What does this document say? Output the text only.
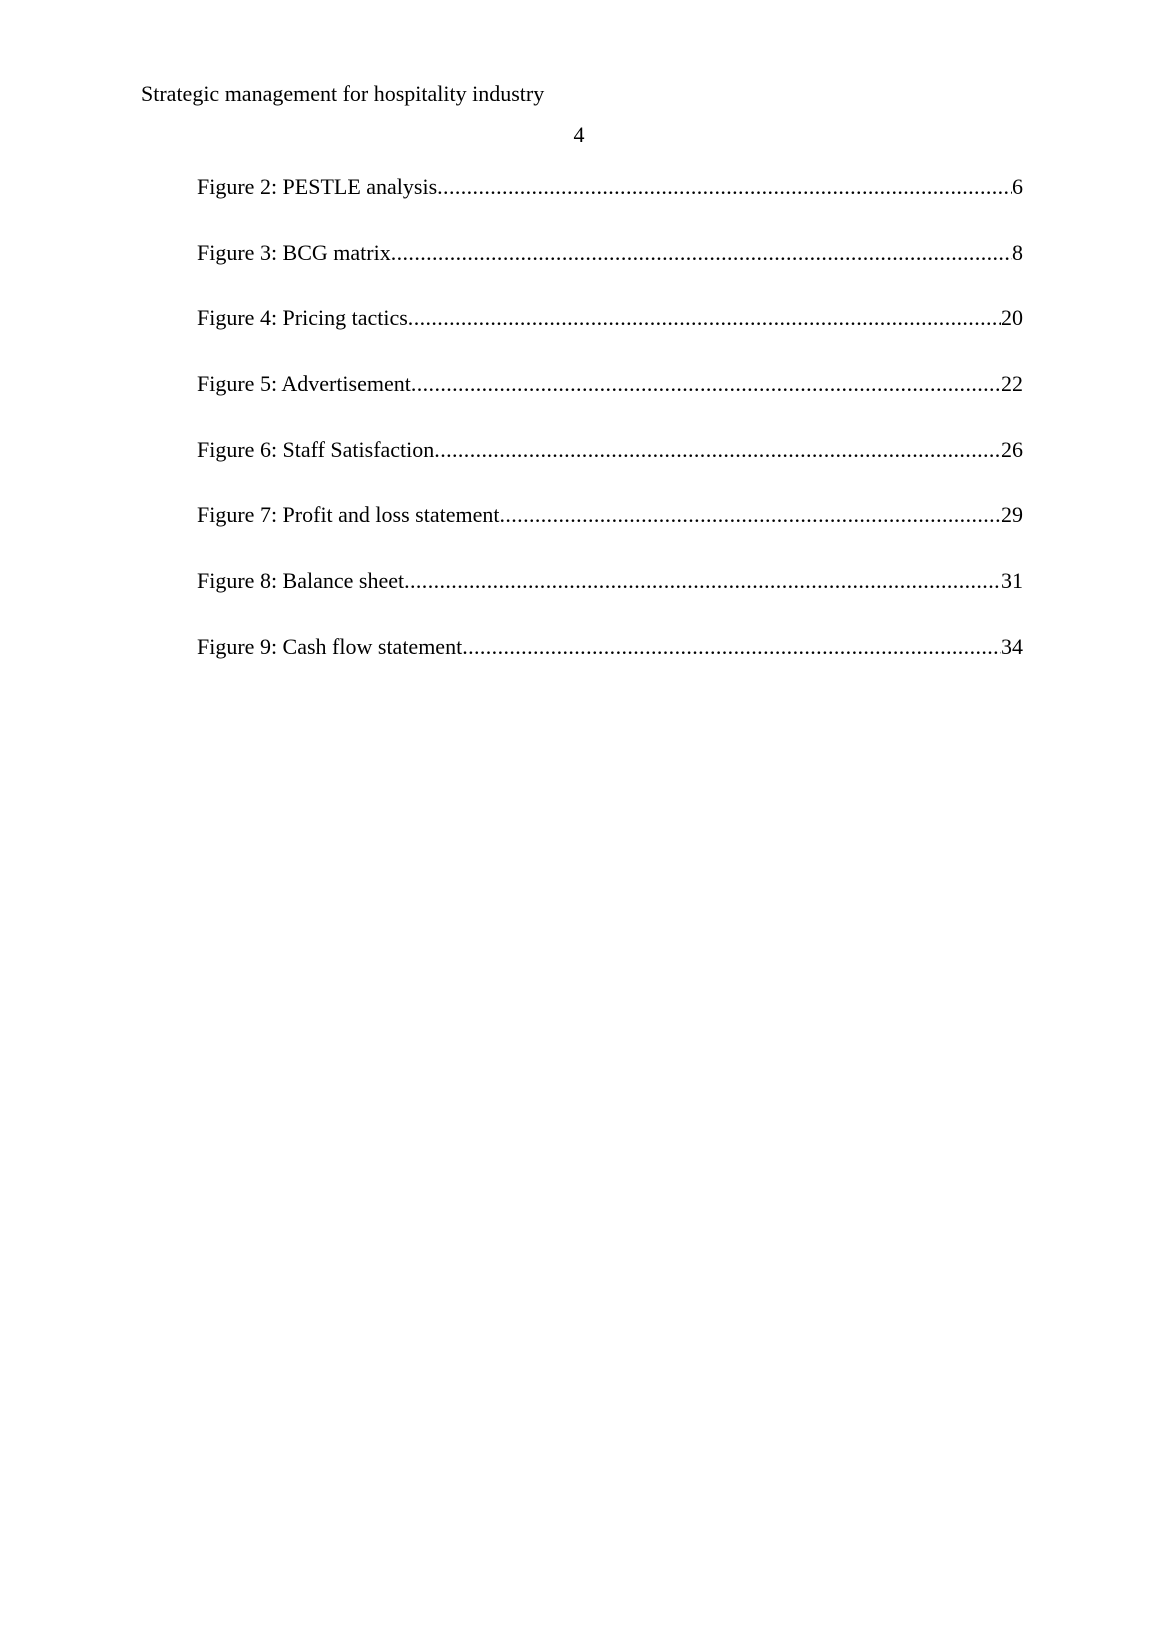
Strategic management for hospitality industry
4
Figure 2: PESTLE analysis .....	6
Figure 3: BCG matrix .....	8
Figure 4: Pricing tactics .....	20
Figure 5: Advertisement .....	22
Figure 6: Staff Satisfaction .....	26
Figure 7: Profit and loss statement .....	29
Figure 8: Balance sheet .....	31
Figure 9: Cash flow statement .....	34
